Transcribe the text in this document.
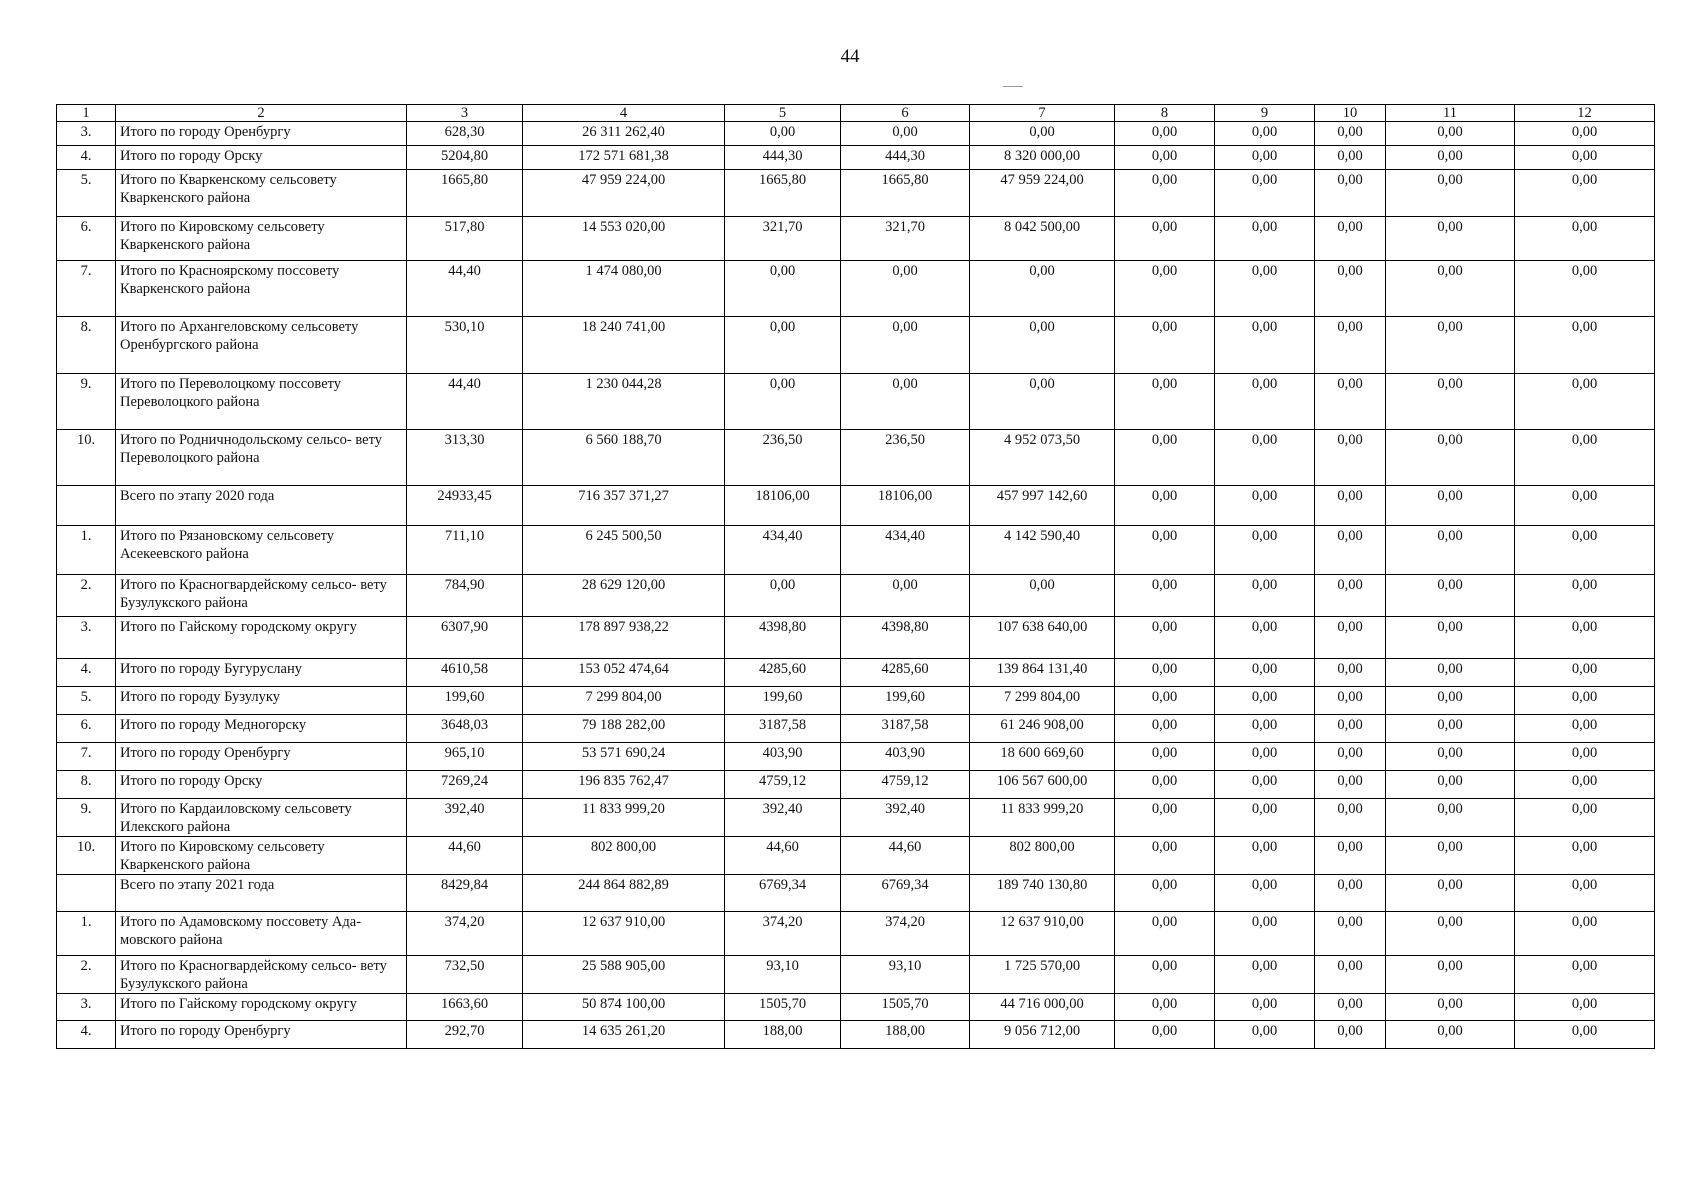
44
1	2	3	4	5	6	7	8	9	10	11	12
3.	Итого по городу Оренбургу	628,30	26 311 262,40	0,00	0,00	0,00	0,00	0,00	0,00	0,00	0,00
4.	Итого по городу Орску	5204,80	172 571 681,38	444,30	444,30	8 320 000,00	0,00	0,00	0,00	0,00	0,00
5.	Итого по Кваркенскому сельсовету Кваркенского района	1665,80	47 959 224,00	1665,80	1665,80	47 959 224,00	0,00	0,00	0,00	0,00	0,00
6.	Итого по Кировскому сельсовету Кваркенского района	517,80	14 553 020,00	321,70	321,70	8 042 500,00	0,00	0,00	0,00	0,00	0,00
7.	Итого по Красноярскому поссовету Кваркенского района	44,40	1 474 080,00	0,00	0,00	0,00	0,00	0,00	0,00	0,00	0,00
8.	Итого по Архангеловскому сельсовету Оренбургского района	530,10	18 240 741,00	0,00	0,00	0,00	0,00	0,00	0,00	0,00	0,00
9.	Итого по Переволоцкому поссовету Переволоцкого района	44,40	1 230 044,28	0,00	0,00	0,00	0,00	0,00	0,00	0,00	0,00
10.	Итого по Родничнодольскому сельсо- вету Переволоцкого района	313,30	6 560 188,70	236,50	236,50	4 952 073,50	0,00	0,00	0,00	0,00	0,00
	Всего по этапу 2020 года	24933,45	716 357 371,27	18106,00	18106,00	457 997 142,60	0,00	0,00	0,00	0,00	0,00
1.	Итого по Рязановскому сельсовету Асекеевского района	711,10	6 245 500,50	434,40	434,40	4 142 590,40	0,00	0,00	0,00	0,00	0,00
2.	Итого по Красногвардейскому сельсо- вету Бузулукского района	784,90	28 629 120,00	0,00	0,00	0,00	0,00	0,00	0,00	0,00	0,00
3.	Итого по Гайскому городскому округу	6307,90	178 897 938,22	4398,80	4398,80	107 638 640,00	0,00	0,00	0,00	0,00	0,00
4.	Итого по городу Бугуруслану	4610,58	153 052 474,64	4285,60	4285,60	139 864 131,40	0,00	0,00	0,00	0,00	0,00
5.	Итого по городу Бузулуку	199,60	7 299 804,00	199,60	199,60	7 299 804,00	0,00	0,00	0,00	0,00	0,00
6.	Итого по городу Медногорску	3648,03	79 188 282,00	3187,58	3187,58	61 246 908,00	0,00	0,00	0,00	0,00	0,00
7.	Итого по городу Оренбургу	965,10	53 571 690,24	403,90	403,90	18 600 669,60	0,00	0,00	0,00	0,00	0,00
8.	Итого по городу Орску	7269,24	196 835 762,47	4759,12	4759,12	106 567 600,00	0,00	0,00	0,00	0,00	0,00
9.	Итого по Кардаиловскому сельсовету Илекского района	392,40	11 833 999,20	392,40	392,40	11 833 999,20	0,00	0,00	0,00	0,00	0,00
10.	Итого по Кировскому сельсовету Кваркенского района	44,60	802 800,00	44,60	44,60	802 800,00	0,00	0,00	0,00	0,00	0,00
	Всего по этапу 2021 года	8429,84	244 864 882,89	6769,34	6769,34	189 740 130,80	0,00	0,00	0,00	0,00	0,00
1.	Итого по Адамовскому поссовету Ада- мовского района	374,20	12 637 910,00	374,20	374,20	12 637 910,00	0,00	0,00	0,00	0,00	0,00
2.	Итого по Красногвардейскому сельсо- вету Бузулукского района	732,50	25 588 905,00	93,10	93,10	1 725 570,00	0,00	0,00	0,00	0,00	0,00
3.	Итого по Гайскому городскому округу	1663,60	50 874 100,00	1505,70	1505,70	44 716 000,00	0,00	0,00	0,00	0,00	0,00
4.	Итого по городу Оренбургу	292,70	14 635 261,20	188,00	188,00	9 056 712,00	0,00	0,00	0,00	0,00	0,00
